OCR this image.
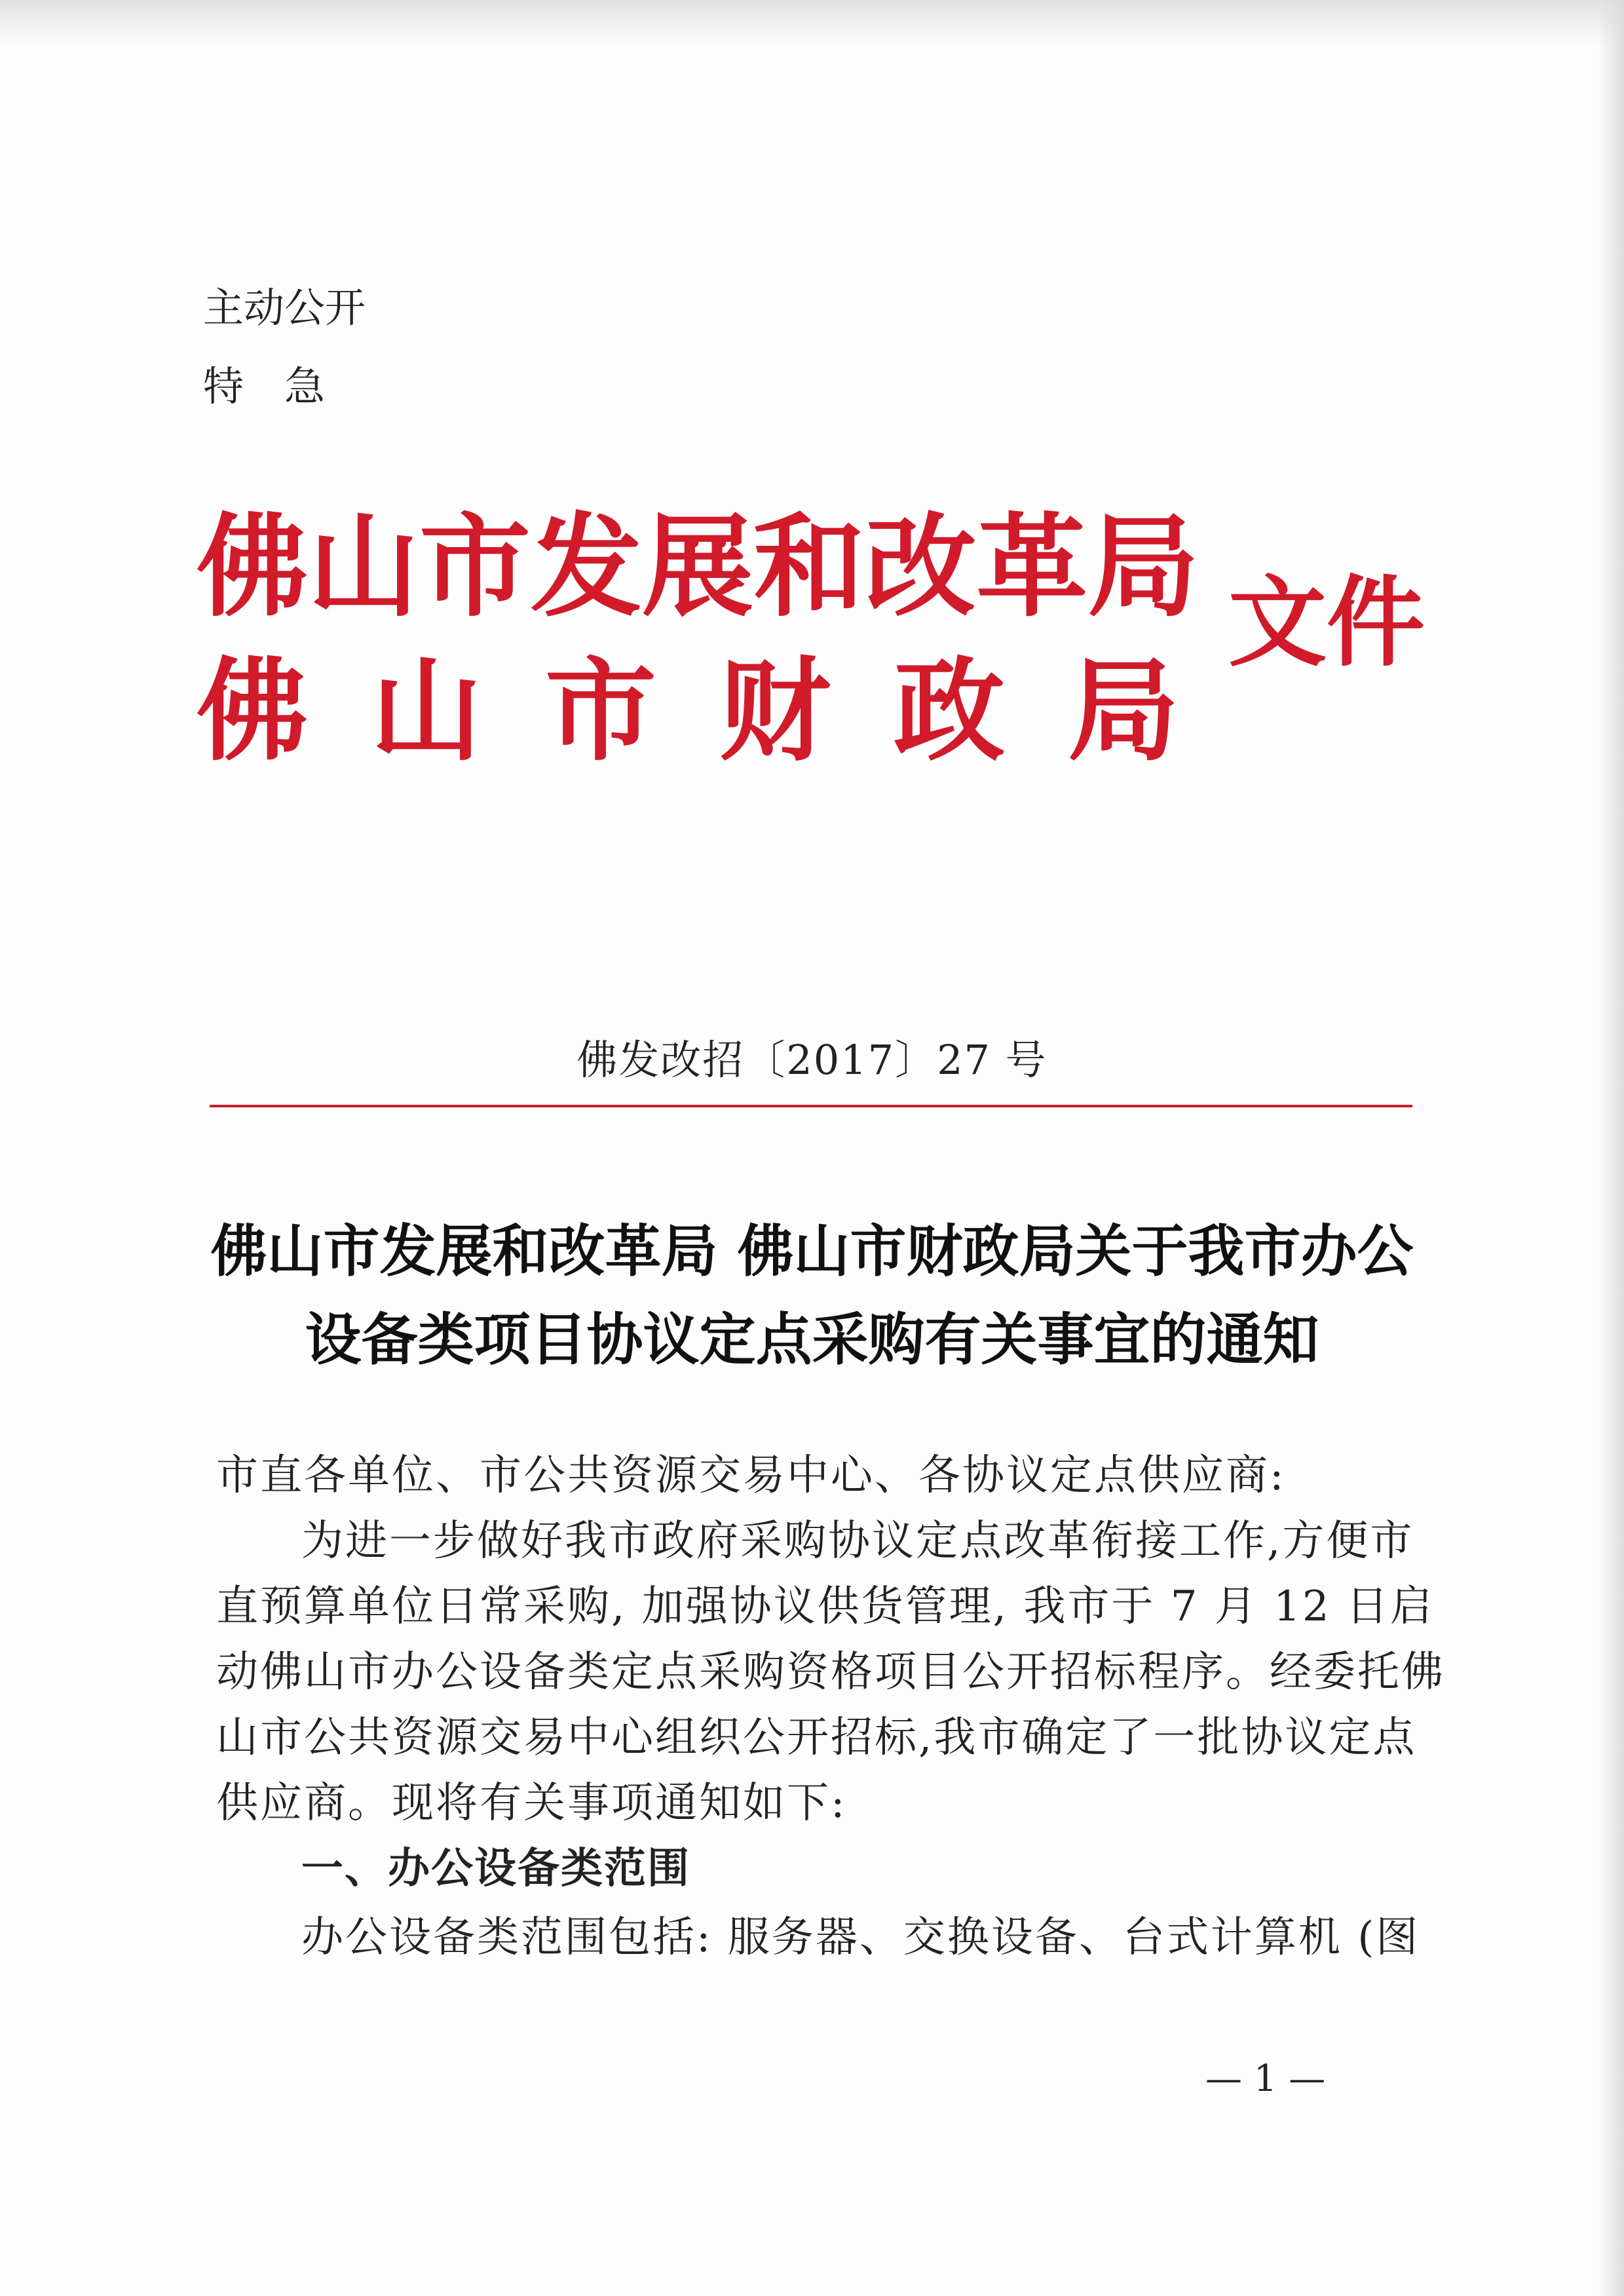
主动公开
特　急
佛 山 市 发 展 和 改 革 局
佛 山 市 财 政 局
文件
佛发改招〔2017〕27 号
佛山市发展和改革局 佛山市财政局关于我市办公
设备类项目协议定点采购有关事宜的通知
市直各单位、市公共资源交易中心、各协议定点供应商:
为进一步做好我市政府采购协议定点改革衔接工作,方便市
直预算单位日常采购, 加强协议供货管理, 我市于 7 月 12 日启
动佛山市办公设备类定点采购资格项目公开招标程序。经委托佛
山市公共资源交易中心组织公开招标,我市确定了一批协议定点
供应商。现将有关事项通知如下:
一、办公设备类范围
办公设备类范围包括: 服务器、交换设备、台式计算机 (图
— 1 —
